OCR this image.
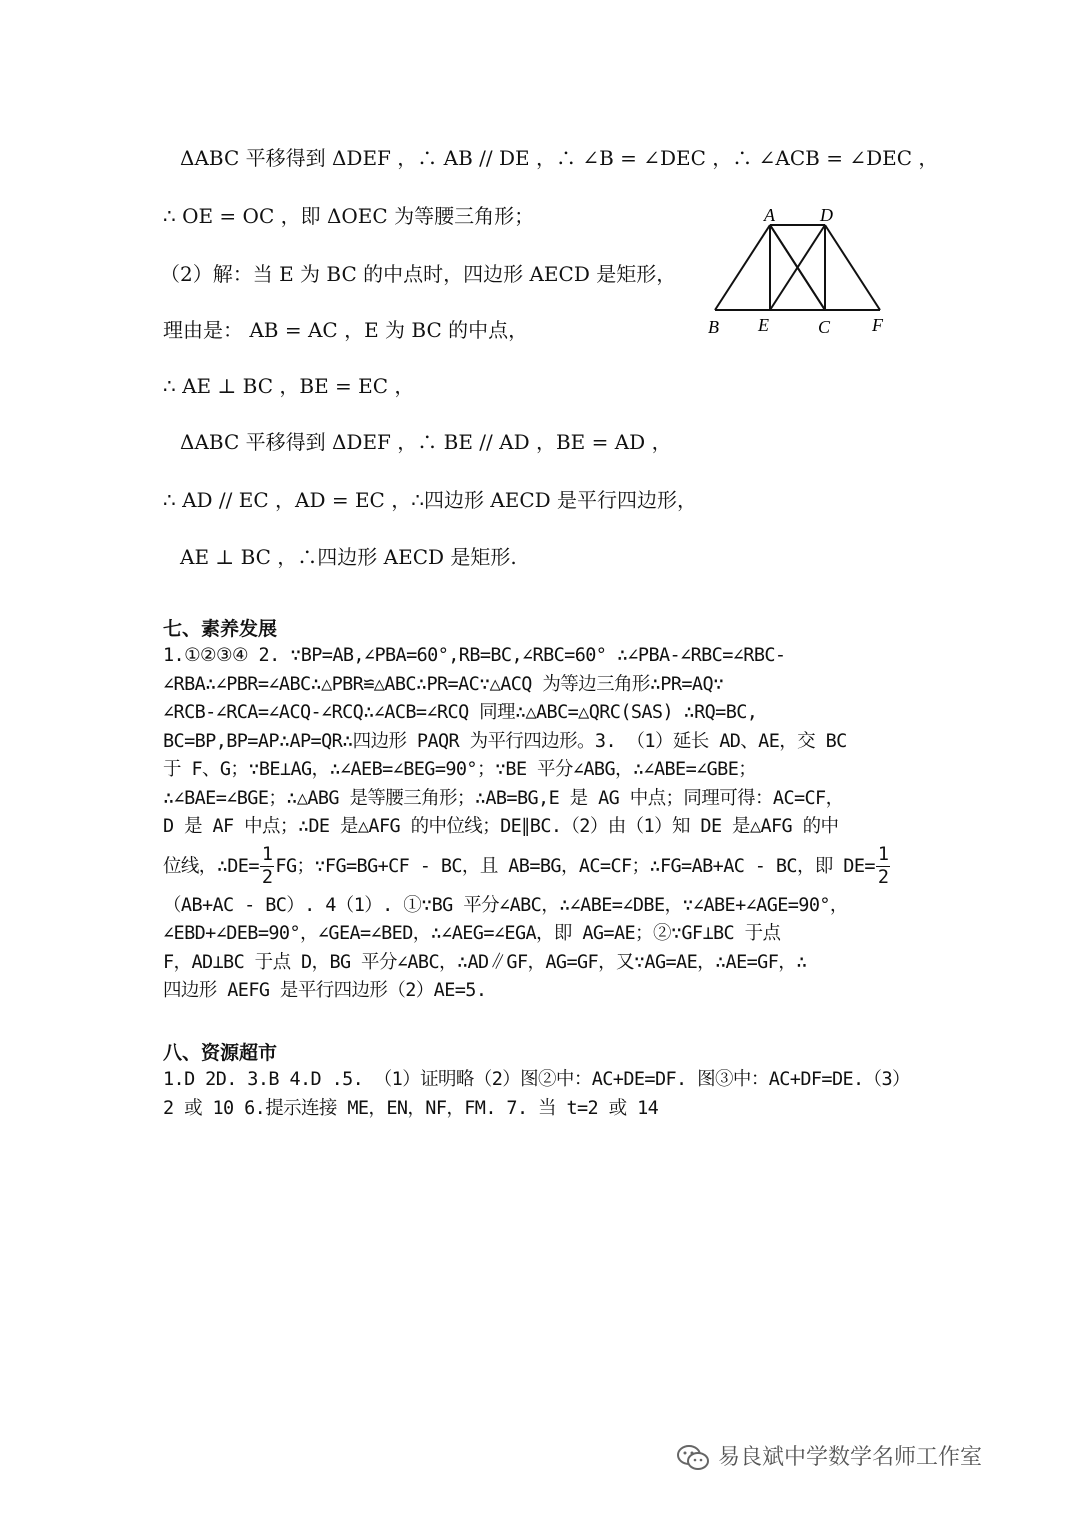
ΔABC 平移得到 ΔDEF ，∴ AB // DE ，∴ ∠B = ∠DEC ，∴ ∠ACB = ∠DEC ，
∴ OE = OC ，即 ΔOEC 为等腰三角形；
（2）解：当 E 为 BC 的中点时，四边形 AECD 是矩形，
理由是： AB = AC ，E 为 BC 的中点，
∴ AE ⊥ BC ，BE = EC ，
ΔABC 平移得到 ΔDEF ，∴ BE // AD ，BE = AD ，
∴ AD // EC ，AD = EC ，∴四边形 AECD 是平行四边形，
AE ⊥ BC ，∴四边形 AECD 是矩形.
A	D
B E	C F
七、素养发展
1.①②③④ 2. ∵BP=AB,∠PBA=60°,RB=BC,∠RBC=60° ∴∠PBA-∠RBC=∠RBC-
∠RBA∴∠PBR=∠ABC∴△PBR≌△ABC∴PR=AC∵△ACQ 为等边三角形∴PR=AQ∵
∠RCB-∠RCA=∠ACQ-∠RCQ∴∠ACB=∠RCQ 同理∴△ABC=△QRC(SAS) ∴RQ=BC,
BC=BP,BP=AP∴AP=QR∴四边形 PAQR 为平行四边形。3. （1）延长 AD、AE，交 BC
于 F、G；∵BE⊥AG，∴∠AEB=∠BEG=90°；∵BE 平分∠ABG，∴∠ABE=∠GBE；
∴∠BAE=∠BGE；∴△ABG 是等腰三角形；∴AB=BG,E 是 AG 中点；同理可得：AC=CF，
D 是 AF 中点；∴DE 是△AFG 的中位线；DE∥BC.（2）由（1）知 DE 是△AFG 的中
位线，∴DE= $\frac{1}{2}$ FG；∵FG=BG+CF - BC，且 AB=BG，AC=CF；∴FG=AB+AC - BC，即 $DE= \frac{1}{2}$
（AB+AC - BC）. 4（1）. ①∵BG 平分∠ABC，∴∠ABE=∠DBE，∵∠ABE+∠AGE=90°，
∠EBD+∠DEB=90°，∠GEA=∠BED，∴∠AEG=∠EGA，即 AG=AE；②∵GF⊥BC 于点
F，AD⊥BC 于点 D，BG 平分∠ABC，∴AD∥GF，AG=GF，又∵AG=AE，∴AE=GF，∴
四边形 AEFG 是平行四边形（2）AE=5.
八、资源超市
1.D 2D. 3.B 4.D .5. （1）证明略（2）图②中：AC+DE=DF. 图③中：AC+DF=DE.（3）
2 或 10 6.提示连接 ME，EN，NF，FM. 7. 当 t=2 或 14
易良斌中学数学名师工作室
